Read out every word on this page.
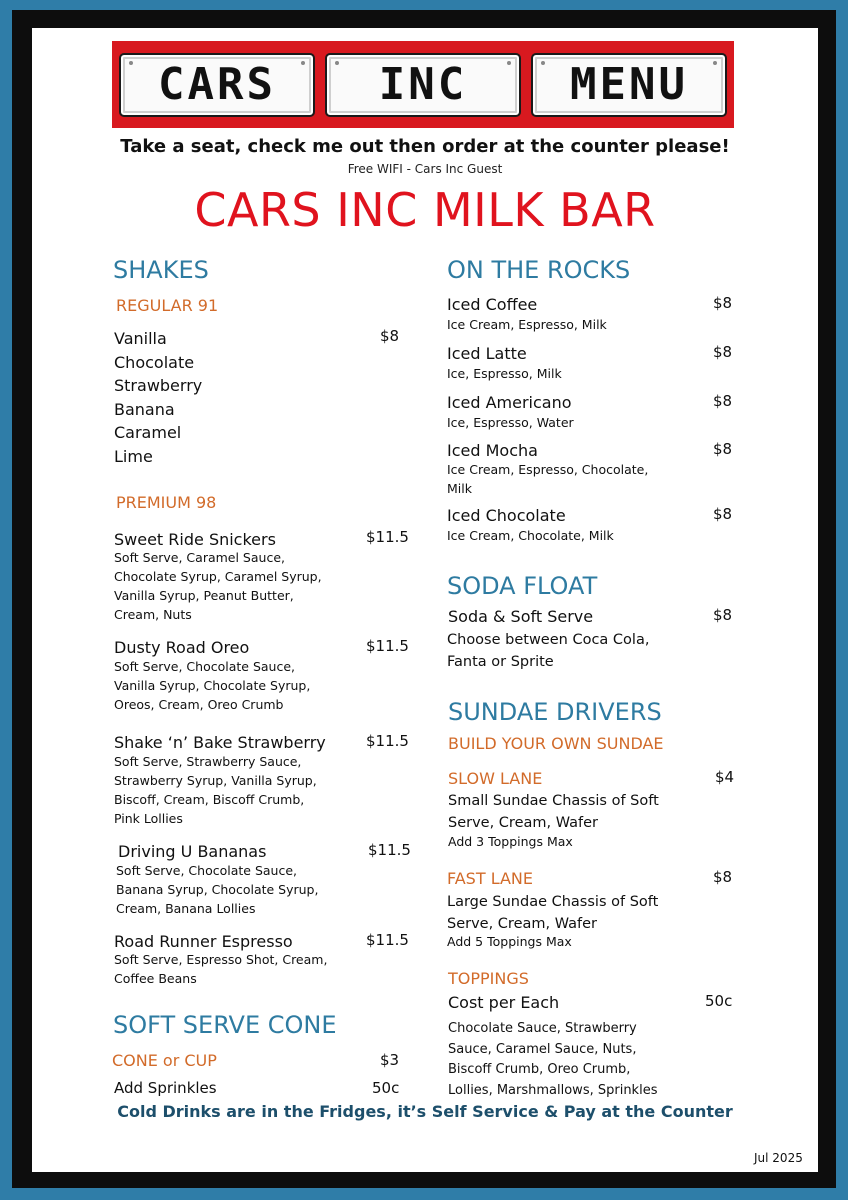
CARS INC MENU
Take a seat, check me out then order at the counter please!
Free WIFI - Cars Inc Guest
CARS INC MILK BAR
SHAKES
REGULAR 91
$8
Vanilla
Chocolate
Strawberry
Banana
Caramel
Lime
PREMIUM 98
Sweet Ride Snickers	$11.5
Soft Serve, Caramel Sauce,
Chocolate Syrup, Caramel Syrup,
Vanilla Syrup, Peanut Butter,
Cream, Nuts
Dusty Road Oreo	$11.5
Soft Serve, Chocolate Sauce,
Vanilla Syrup, Chocolate Syrup,
Oreos, Cream, Oreo Crumb
Shake ‘n’ Bake Strawberry	$11.5
Soft Serve, Strawberry Sauce,
Strawberry Syrup, Vanilla Syrup,
Biscoff, Cream, Biscoff Crumb,
Pink Lollies
Driving U Bananas	$11.5
Soft Serve, Chocolate Sauce,
Banana Syrup, Chocolate Syrup,
Cream, Banana Lollies
Road Runner Espresso	$11.5
Soft Serve, Espresso Shot, Cream,
Coffee Beans
SOFT SERVE CONE
CONE or CUP	$3
Add Sprinkles	50c
ON THE ROCKS
Iced Coffee	$8
Ice Cream, Espresso, Milk
Iced Latte	$8
Ice, Espresso, Milk
Iced Americano	$8
Ice, Espresso, Water
Iced Mocha	$8
Ice Cream, Espresso, Chocolate,
Milk
Iced Chocolate	$8
Ice Cream, Chocolate, Milk
SODA FLOAT
Soda & Soft Serve	$8
Choose between Coca Cola,
Fanta or Sprite
SUNDAE DRIVERS
BUILD YOUR OWN SUNDAE
SLOW LANE	$4
Small Sundae Chassis of Soft
Serve, Cream, Wafer
Add 3 Toppings Max
FAST LANE	$8
Large Sundae Chassis of Soft
Serve, Cream, Wafer
Add 5 Toppings Max
TOPPINGS
Cost per Each	50c
Chocolate Sauce, Strawberry
Sauce, Caramel Sauce, Nuts,
Biscoff Crumb, Oreo Crumb,
Lollies, Marshmallows, Sprinkles
Cold Drinks are in the Fridges, it’s Self Service & Pay at the Counter
Jul 2025
